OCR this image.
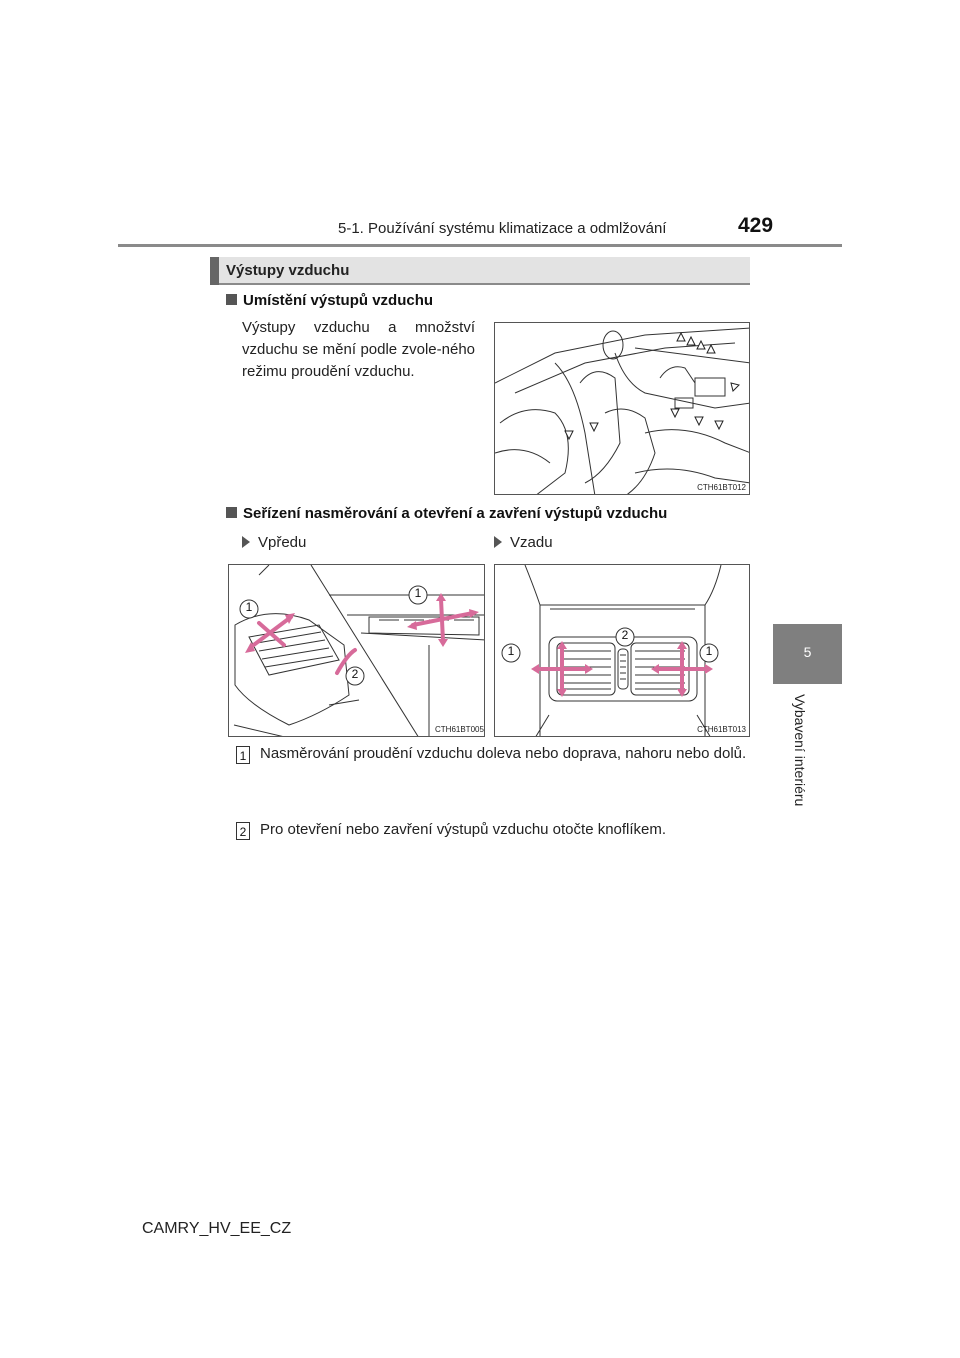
5-1. Používání systému klimatizace a odmlžování	429
5
Vybavení interiéru
Výstupy vzduchu
Umístění výstupů vzduchu
Výstupy vzduchu a množství vzduchu se mění podle zvole-ného režimu proudění vzduchu.
CTH61BT012
Seřízení nasměrování a otevření a zavření výstupů vzduchu
Vpředu	Vzadu
1
1
2
CTH61BT005
1	1
2
CTH61BT013
1 Nasměrování proudění vzduchu doleva nebo doprava, nahoru nebo dolů.
2 Pro otevření nebo zavření výstupů vzduchu otočte knoflíkem.
CAMRY_HV_EE_CZ
